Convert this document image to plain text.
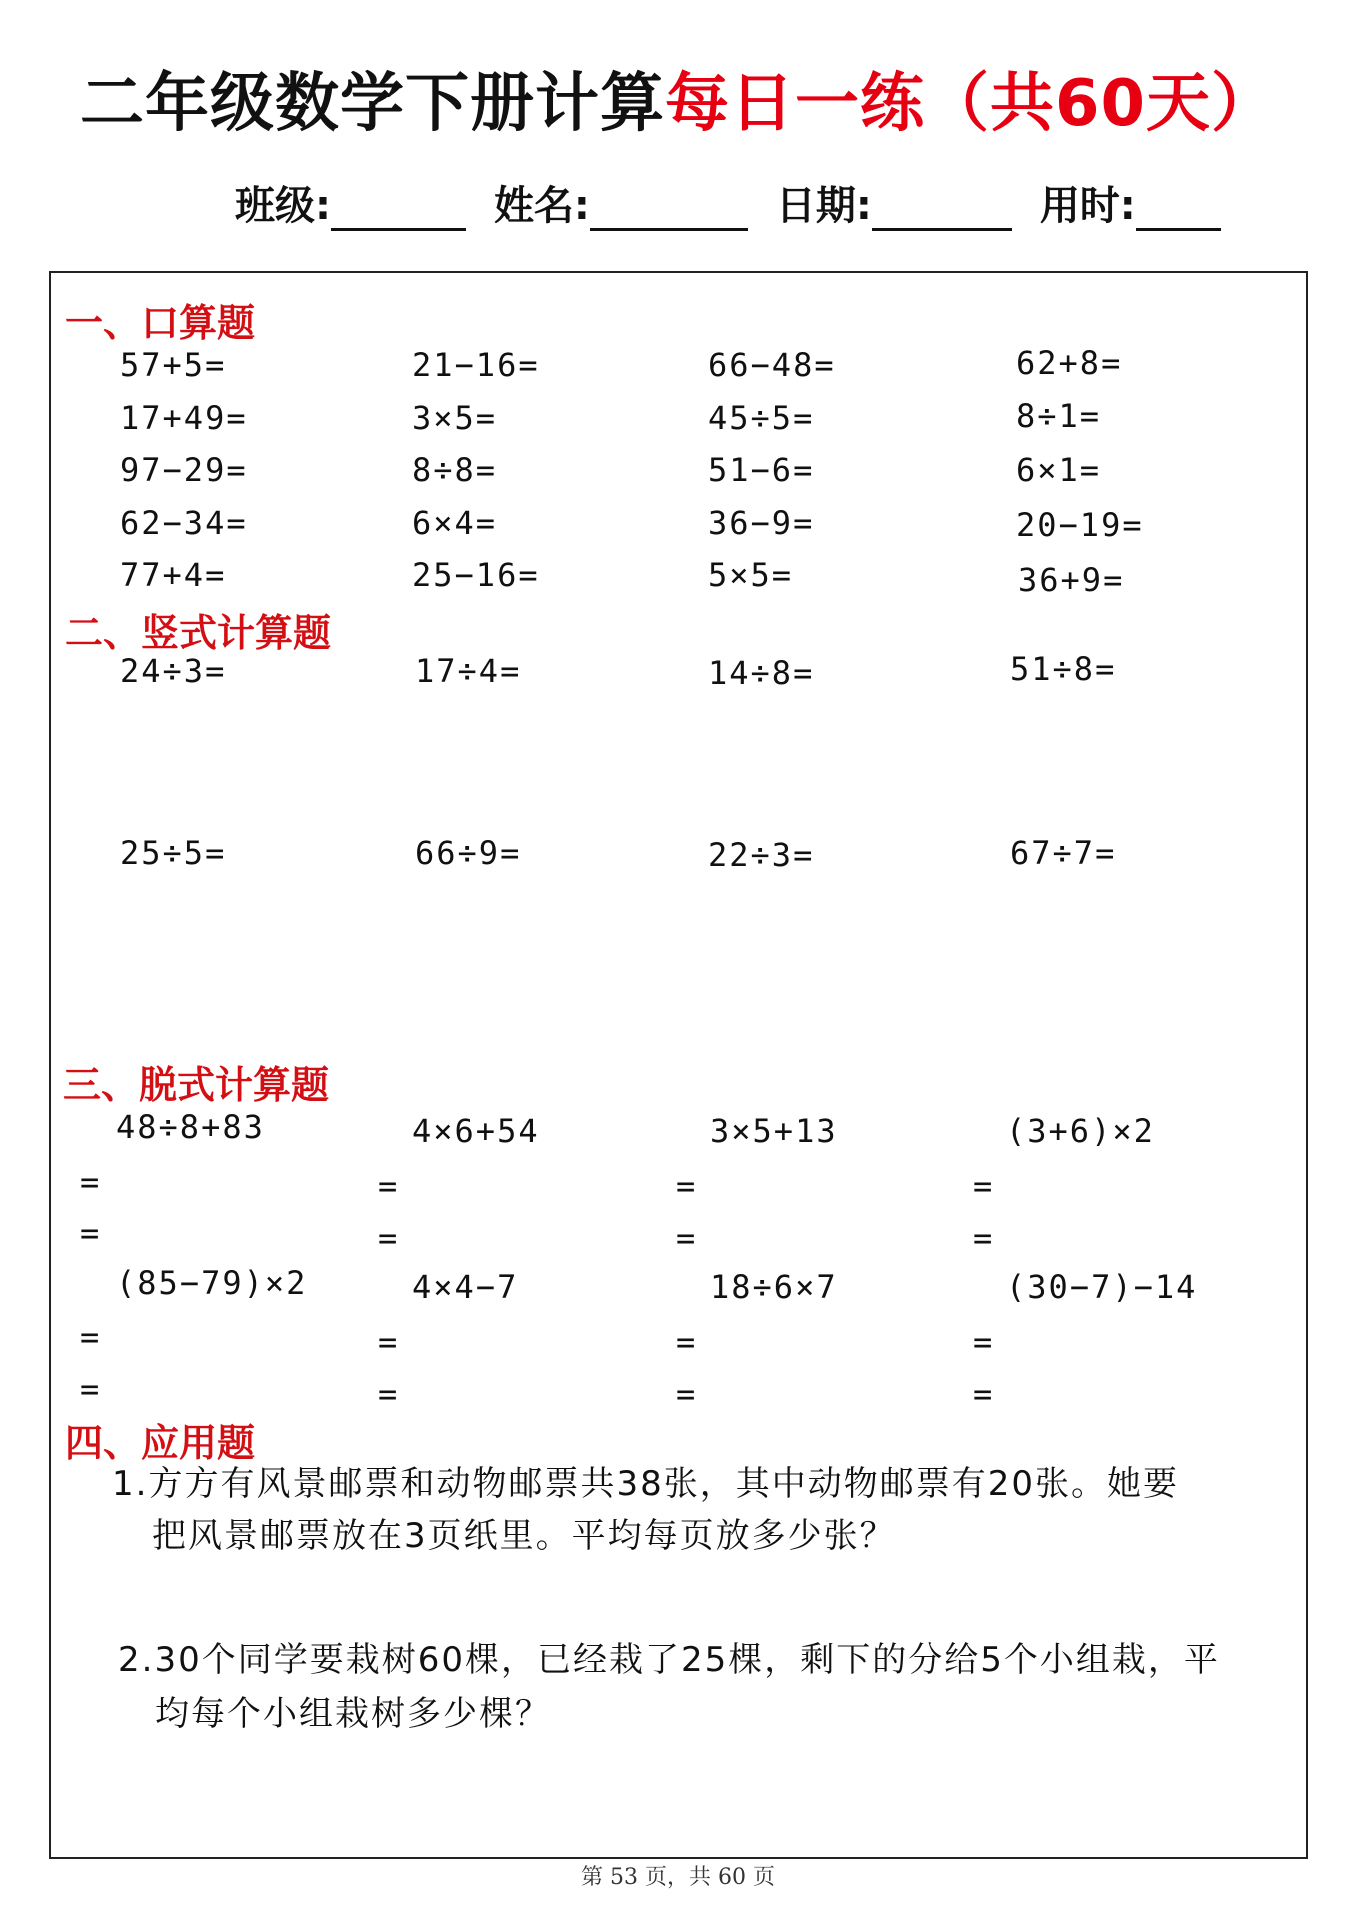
二年级数学下册计算每日一练（共60天）
班级:	姓名:	日期:	用时:
一、口算题
57+5=	21−16=	66−48=	62+8=
17+49=	3×5=	45÷5=	8÷1=
97−29=	8÷8=	51−6=	6×1=
62−34=	6×4=	36−9=	20−19=
77+4=	25−16=	5×5=	36+9=
二、竖式计算题
24÷3=	17÷4=	14÷8=	51÷8=
25÷5=	66÷9=	22÷3=	67÷7=
三、脱式计算题
48÷8+83	4×6+54	3×5+13	(3+6)×2
=	=	=	=
=	=	=	=
(85−79)×2	4×4−7	18÷6×7	(30−7)−14
=	=	=	=
=	=	=	=
四、应用题
1.方方有风景邮票和动物邮票共38张，其中动物邮票有20张。她要
把风景邮票放在3页纸里。平均每页放多少张？
2.30个同学要栽树60棵，已经栽了25棵，剩下的分给5个小组栽，平
均每个小组栽树多少棵？
第 53 页，共 60 页
